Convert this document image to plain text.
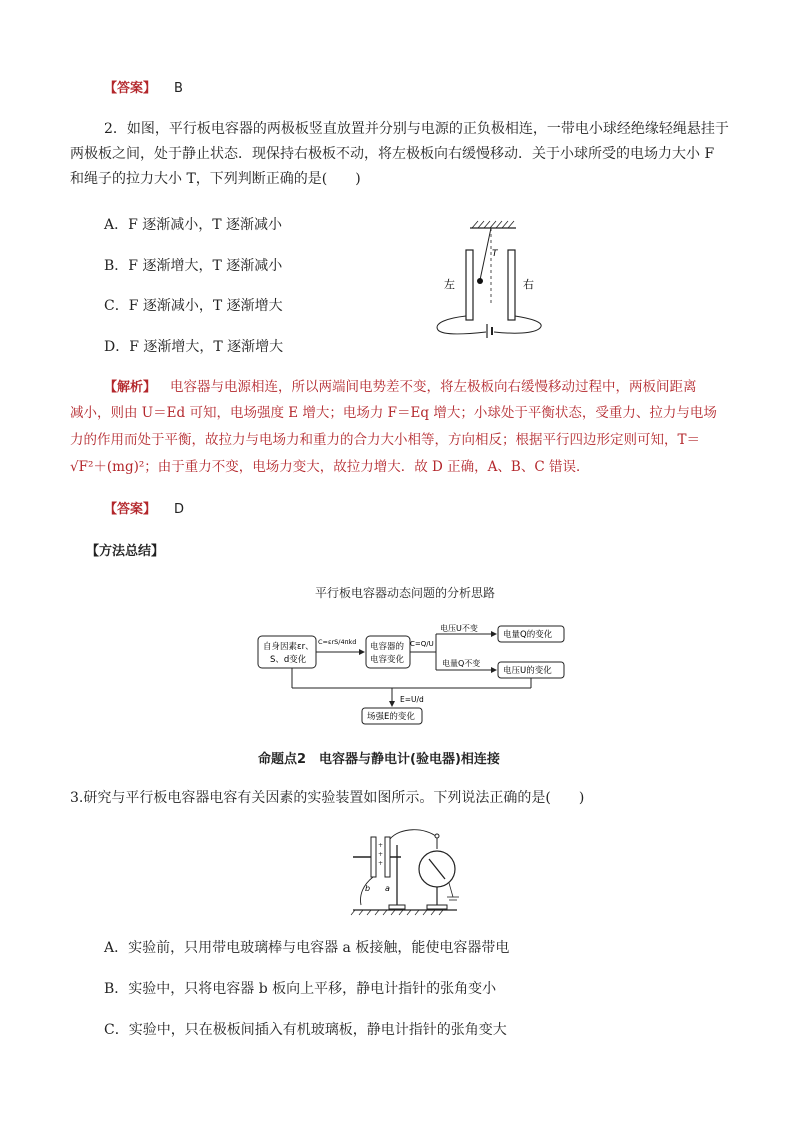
【答案】 B
2．如图，平行板电容器的两极板竖直放置并分别与电源的正负极相连，一带电小球经绝缘轻绳悬挂于
两极板之间，处于静止状态．现保持右极板不动，将左极板向右缓慢移动．关于小球所受的电场力大小 F
和绳子的拉力大小 T，下列判断正确的是(　　)
A．F 逐渐减小，T 逐渐减小
B．F 逐渐增大，T 逐渐减小
C．F 逐渐减小，T 逐渐增大
D．F 逐渐增大，T 逐渐增大
T
左	右
【解析】 电容器与电源相连，所以两端间电势差不变，将左极板向右缓慢移动过程中，两板间距离
减小，则由 U＝Ed 可知，电场强度 E 增大；电场力 F＝Eq 增大；小球处于平衡状态，受重力、拉力与电场
力的作用而处于平衡，故拉力与电场力和重力的合力大小相等，方向相反；根据平行四边形定则可知，T＝
√F²＋(mg)²；由于重力不变，电场力变大，故拉力增大．故 D 正确，A、B、C 错误．
【答案】 D
【方法总结】
平行板电容器动态问题的分析思路
自身因素εr、
S、d变化
C=εrS/4πkd 电容器的
电容变化
C=Q/U
电压U不变
电量Q的变化
电量Q不变
电压U的变化
E=U/d
场强E的变化
命题点2　电容器与静电计(验电器)相连接
3.研究与平行板电容器电容有关因素的实验装置如图所示。下列说法正确的是(　　)
b a
+
+
+
A．实验前，只用带电玻璃棒与电容器 a 板接触，能使电容器带电
B．实验中，只将电容器 b 板向上平移，静电计指针的张角变小
C．实验中，只在极板间插入有机玻璃板，静电计指针的张角变大
